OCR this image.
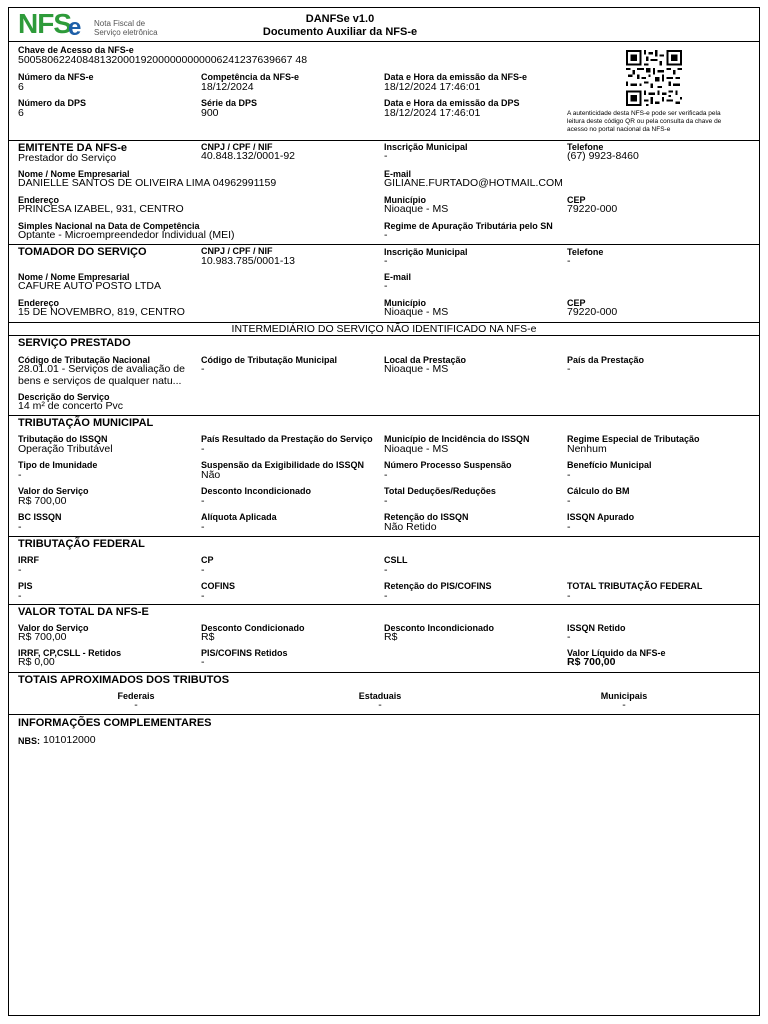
NFS
e Nota Fiscal de
Serviço eletrônica
DANFSe v1.0
Documento Auxiliar da NFS-e
Chave de Acesso da NFS-e
50058062240848132000192000000000006241237639667 48
Número da NFS-e
6
Competência da NFS-e
18/12/2024
Data e Hora da emissão da NFS-e
18/12/2024 17:46:01
Número da DPS
6
Série da DPS
900
Data e Hora da emissão da DPS
18/12/2024 17:46:01	A autenticidade desta NFS-e pode ser verificada pela leitura deste código QR ou pela consulta da chave de acesso no portal nacional da NFS-e
EMITENTE DA NFS-e
Prestador do Serviço
CNPJ / CPF / NIF
40.848.132/0001-92
Inscrição Municipal
-
Telefone
(67) 9923-8460
Nome / Nome Empresarial
DANIELLE SANTOS DE OLIVEIRA LIMA 04962991159
E-mail
GILIANE.FURTADO@HOTMAIL.COM
Endereço
PRINCESA IZABEL, 931, CENTRO
Município
Nioaque - MS
CEP
79220-000
Simples Nacional na Data de Competência
Optante - Microempreendedor Individual (MEI)
Regime de Apuração Tributária pelo SN
-
TOMADOR DO SERVIÇO	CNPJ / CPF / NIF
10.983.785/0001-13
Inscrição Municipal
-
Telefone
-
Nome / Nome Empresarial
CAFURE AUTO POSTO LTDA
E-mail
-
Endereço
15 DE NOVEMBRO, 819, CENTRO
Município
Nioaque - MS
CEP
79220-000
INTERMEDIÁRIO DO SERVIÇO NÃO IDENTIFICADO NA NFS-e
SERVIÇO PRESTADO
Código de Tributação Nacional
28.01.01 - Serviços de avaliação de
bens e serviços de qualquer natu...
Código de Tributação Municipal
-
Local da Prestação
Nioaque - MS
País da Prestação
-
Descrição do Serviço
14 m² de concerto Pvc
TRIBUTAÇÃO MUNICIPAL
Tributação do ISSQN
Operação Tributável
País Resultado da Prestação do Serviço
-
Município de Incidência do ISSQN
Nioaque - MS
Regime Especial de Tributação
Nenhum
Tipo de Imunidade
-
Suspensão da Exigibilidade do ISSQN
Não
Número Processo Suspensão
-
Benefício Municipal
-
Valor do Serviço
R$ 700,00
Desconto Incondicionado
-
Total Deduções/Reduções
-
Cálculo do BM
-
BC ISSQN
-
Alíquota Aplicada
-
Retenção do ISSQN
Não Retido
ISSQN Apurado
-
TRIBUTAÇÃO FEDERAL
IRRF
-
CP
-
CSLL
-
PIS
-
COFINS
-
Retenção do PIS/COFINS
-
TOTAL TRIBUTAÇÃO FEDERAL
-
VALOR TOTAL DA NFS-E
Valor do Serviço
R$ 700,00
Desconto Condicionado
R$
Desconto Incondicionado
R$
ISSQN Retido
-
IRRF, CP,CSLL - Retidos
R$ 0,00
PIS/COFINS Retidos
-
Valor Líquido da NFS-e
R$ 700,00
TOTAIS APROXIMADOS DOS TRIBUTOS
Federais
-
Estaduais
-
Municipais
-
INFORMAÇÕES COMPLEMENTARES
NBS: 101012000
